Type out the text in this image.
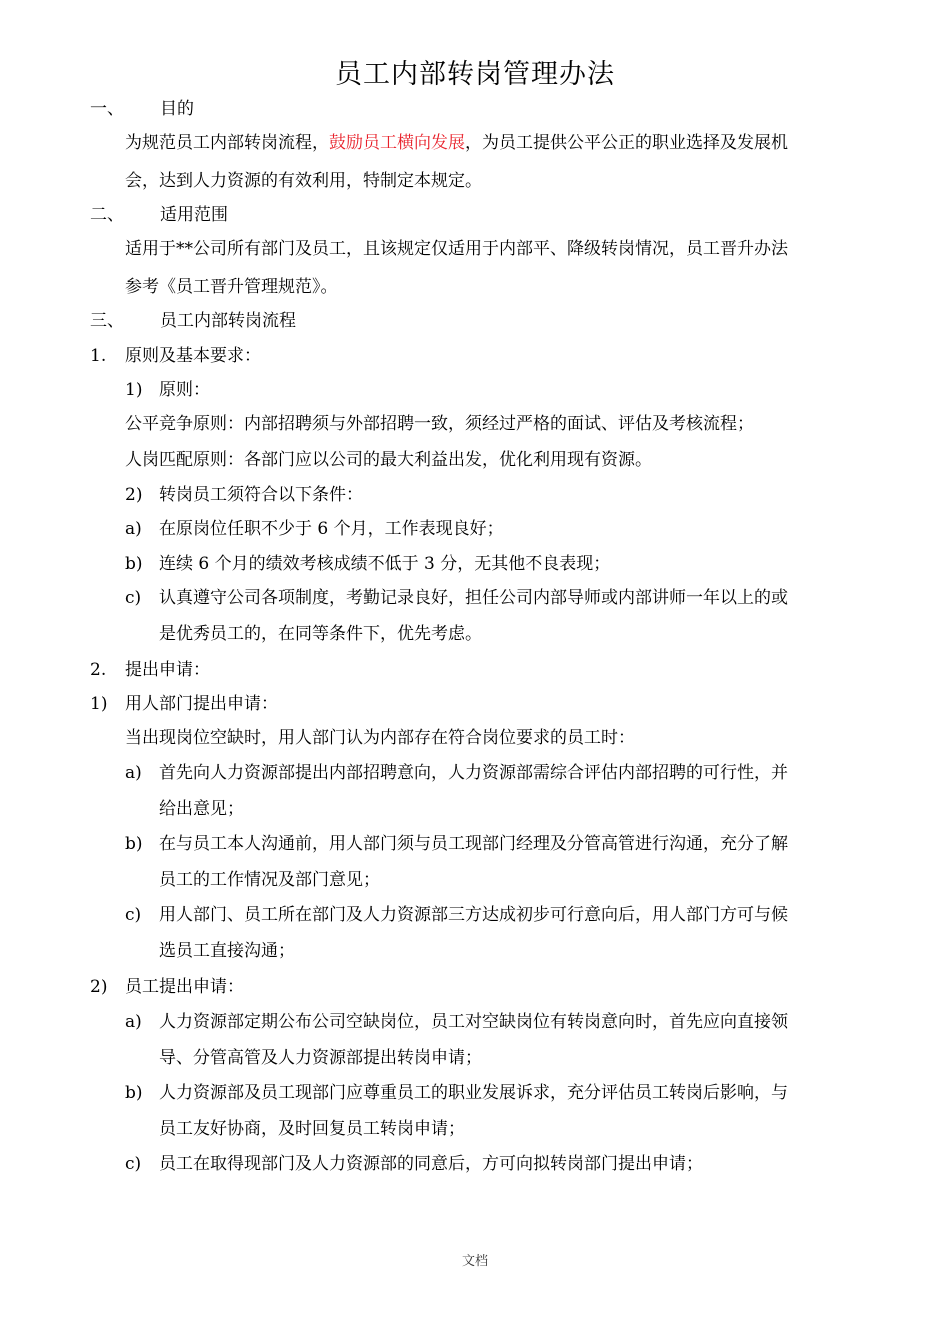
员工内部转岗管理办法
一、 目的
为规范员工内部转岗流程，鼓励员工横向发展，为员工提供公平公正的职业选择及发展机
会，达到人力资源的有效利用，特制定本规定。
二、 适用范围
适用于**公司所有部门及员工，且该规定仅适用于内部平、降级转岗情况，员工晋升办法
参考《员工晋升管理规范》。
三、 员工内部转岗流程
1. 原则及基本要求：
1) 原则：
公平竞争原则：内部招聘须与外部招聘一致，须经过严格的面试、评估及考核流程；
人岗匹配原则：各部门应以公司的最大利益出发，优化利用现有资源。
2) 转岗员工须符合以下条件：
a) 在原岗位任职不少于 6 个月，工作表现良好；
b) 连续 6 个月的绩效考核成绩不低于 3 分，无其他不良表现；
c) 认真遵守公司各项制度，考勤记录良好，担任公司内部导师或内部讲师一年以上的或
是优秀员工的，在同等条件下，优先考虑。
2. 提出申请：
1) 用人部门提出申请：
当出现岗位空缺时，用人部门认为内部存在符合岗位要求的员工时：
a) 首先向人力资源部提出内部招聘意向，人力资源部需综合评估内部招聘的可行性，并
给出意见；
b) 在与员工本人沟通前，用人部门须与员工现部门经理及分管高管进行沟通，充分了解
员工的工作情况及部门意见；
c) 用人部门、员工所在部门及人力资源部三方达成初步可行意向后，用人部门方可与候
选员工直接沟通；
2) 员工提出申请：
a) 人力资源部定期公布公司空缺岗位，员工对空缺岗位有转岗意向时，首先应向直接领
导、分管高管及人力资源部提出转岗申请；
b) 人力资源部及员工现部门应尊重员工的职业发展诉求，充分评估员工转岗后影响，与
员工友好协商，及时回复员工转岗申请；
c) 员工在取得现部门及人力资源部的同意后，方可向拟转岗部门提出申请；
文档
